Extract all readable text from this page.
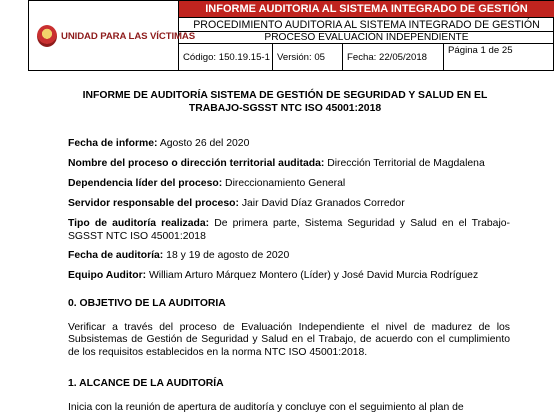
UNIDAD PARA LAS VÍCTIMAS
INFORME AUDITORIA AL SISTEMA INTEGRADO DE GESTIÓN
PROCEDIMIENTO AUDITORIA AL SISTEMA INTEGRADO DE GESTIÓN
PROCESO EVALUACIÓN INDEPENDIENTE
Código: 150.19.15-1 Versión: 05	Fecha: 22/05/2018
Página 1 de 25
INFORME DE AUDITORÍA SISTEMA DE GESTIÓN DE SEGURIDAD Y SALUD EN EL
TRABAJO-SGSST NTC ISO 45001:2018
Fecha de informe: Agosto 26 del 2020
Nombre del proceso o dirección territorial auditada: Dirección Territorial de Magdalena
Dependencia líder del proceso: Direccionamiento General
Servidor responsable del proceso: Jair David Díaz Granados Corredor
Tipo de auditoría realizada: De primera parte, Sistema Seguridad y Salud en el Trabajo-SGSST NTC ISO 45001:2018
Fecha de auditoría: 18 y 19 de agosto de 2020
Equipo Auditor: William Arturo Márquez Montero (Líder) y José David Murcia Rodríguez
0. OBJETIVO DE LA AUDITORIA
Verificar a través del proceso de Evaluación Independiente el nivel de madurez de los Subsistemas de Gestión de Seguridad y Salud en el Trabajo, de acuerdo con el cumplimiento de los requisitos establecidos en la norma NTC ISO 45001:2018.
1. ALCANCE DE LA AUDITORÍA
Inicia con la reunión de apertura de auditoría y concluye con el seguimiento al plan de
